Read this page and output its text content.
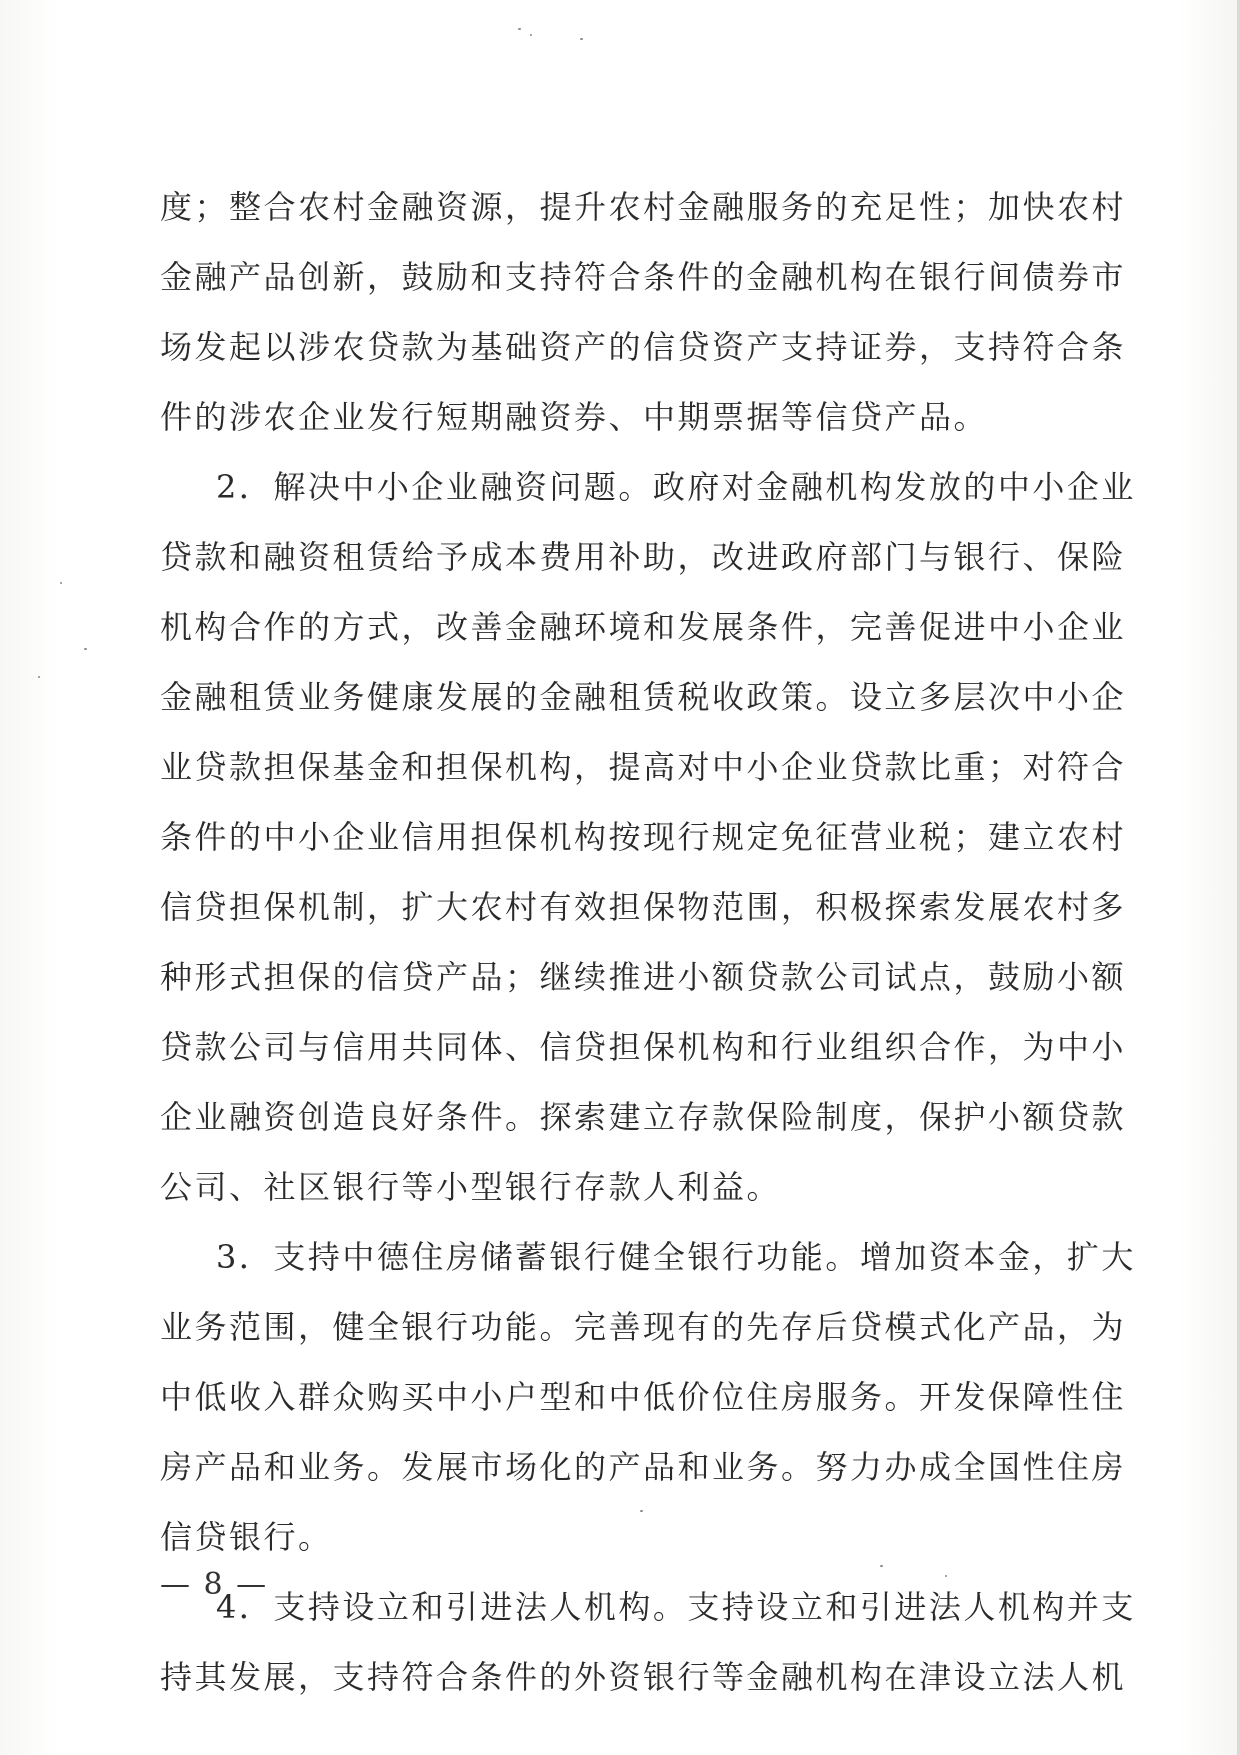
度；整合农村金融资源，提升农村金融服务的充足性；加快农村
金融产品创新，鼓励和支持符合条件的金融机构在银行间债券市
场发起以涉农贷款为基础资产的信贷资产支持证券，支持符合条
件的涉农企业发行短期融资券、中期票据等信贷产品。
2．解决中小企业融资问题。政府对金融机构发放的中小企业
贷款和融资租赁给予成本费用补助，改进政府部门与银行、保险
机构合作的方式，改善金融环境和发展条件，完善促进中小企业
金融租赁业务健康发展的金融租赁税收政策。设立多层次中小企
业贷款担保基金和担保机构，提高对中小企业贷款比重；对符合
条件的中小企业信用担保机构按现行规定免征营业税；建立农村
信贷担保机制，扩大农村有效担保物范围，积极探索发展农村多
种形式担保的信贷产品；继续推进小额贷款公司试点，鼓励小额
贷款公司与信用共同体、信贷担保机构和行业组织合作，为中小
企业融资创造良好条件。探索建立存款保险制度，保护小额贷款
公司、社区银行等小型银行存款人利益。
3．支持中德住房储蓄银行健全银行功能。增加资本金，扩大
业务范围，健全银行功能。完善现有的先存后贷模式化产品，为
中低收入群众购买中小户型和中低价位住房服务。开发保障性住
房产品和业务。发展市场化的产品和业务。努力办成全国性住房
信贷银行。
4．支持设立和引进法人机构。支持设立和引进法人机构并支
持其发展，支持符合条件的外资银行等金融机构在津设立法人机
— 8 —
